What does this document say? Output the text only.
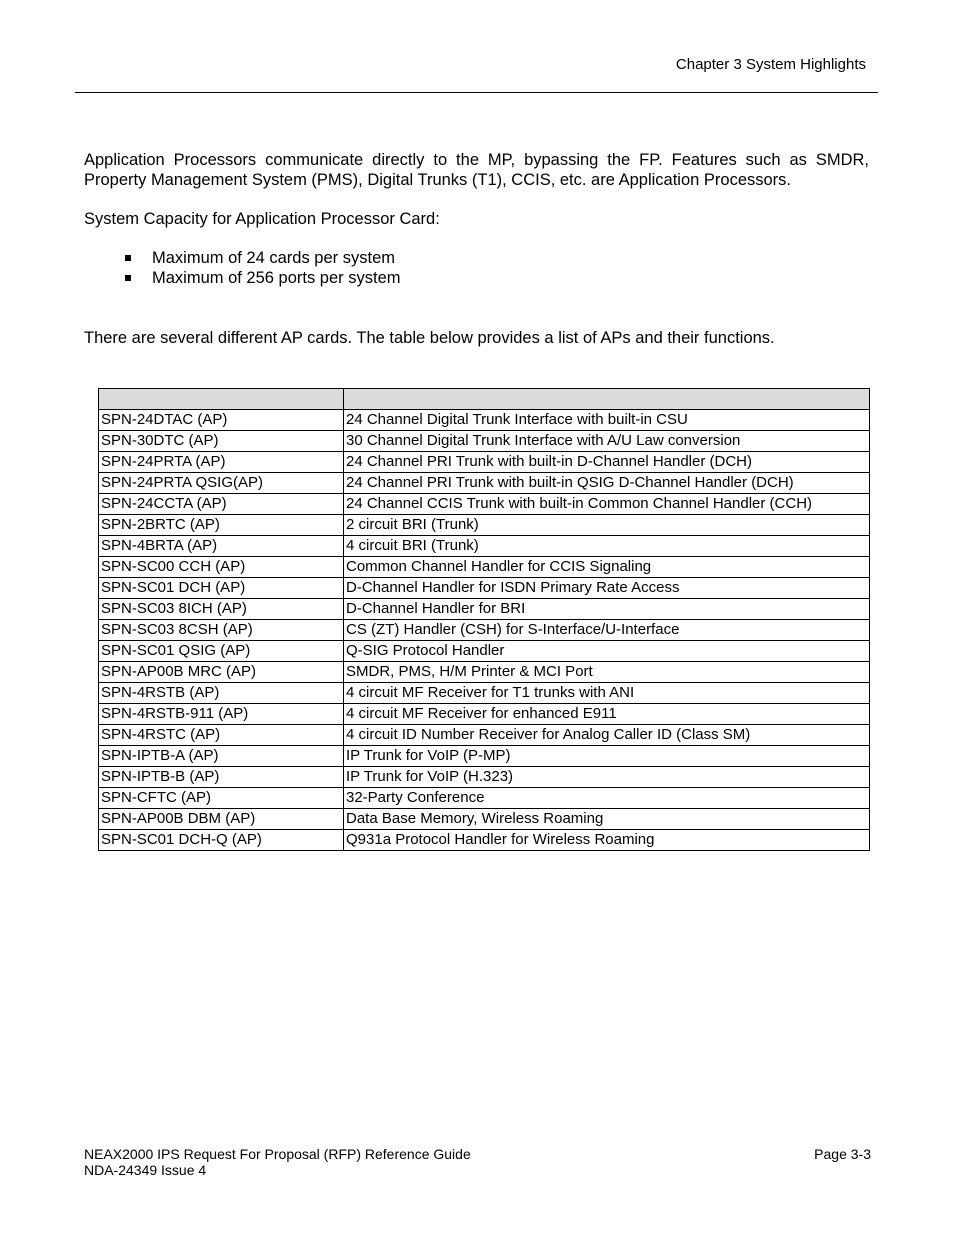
Chapter 3 System Highlights
Application Processors communicate directly to the MP, bypassing the FP. Features such as SMDR, Property Management System (PMS), Digital Trunks (T1), CCIS, etc. are Application Processors.
System Capacity for Application Processor Card:
Maximum of 24 cards per system
Maximum of 256 ports per system
There are several different AP cards. The table below provides a list of APs and their functions.

SPN-24DTAC (AP)	24 Channel Digital Trunk Interface with built-in CSU
SPN-30DTC (AP)	30 Channel Digital Trunk Interface with A/U Law conversion
SPN-24PRTA (AP)	24 Channel PRI Trunk with built-in D-Channel Handler (DCH)
SPN-24PRTA QSIG(AP)	24 Channel PRI Trunk with built-in QSIG D-Channel Handler (DCH)
SPN-24CCTA (AP)	24 Channel CCIS Trunk with built-in Common Channel Handler (CCH)
SPN-2BRTC (AP)	2 circuit BRI (Trunk)
SPN-4BRTA (AP)	4 circuit BRI (Trunk)
SPN-SC00 CCH (AP)	Common Channel Handler for CCIS Signaling
SPN-SC01 DCH (AP)	D-Channel Handler for ISDN Primary Rate Access
SPN-SC03 8ICH (AP)	D-Channel Handler for BRI
SPN-SC03 8CSH (AP)	CS (ZT) Handler (CSH) for S-Interface/U-Interface
SPN-SC01 QSIG (AP)	Q-SIG Protocol Handler
SPN-AP00B MRC (AP)	SMDR, PMS, H/M Printer & MCI Port
SPN-4RSTB (AP)	4 circuit MF Receiver for T1 trunks with ANI
SPN-4RSTB-911 (AP)	4 circuit MF Receiver for enhanced E911
SPN-4RSTC (AP)	4 circuit ID Number Receiver for Analog Caller ID (Class SM)
SPN-IPTB-A (AP)	IP Trunk for VoIP (P-MP)
SPN-IPTB-B (AP)	IP Trunk for VoIP (H.323)
SPN-CFTC (AP)	32-Party Conference
SPN-AP00B DBM (AP)	Data Base Memory, Wireless Roaming
SPN-SC01 DCH-Q (AP)	Q931a Protocol Handler for Wireless Roaming
NEAX2000 IPS Request For Proposal (RFP) Reference Guide
NDA-24349 Issue 4
Page 3-3
